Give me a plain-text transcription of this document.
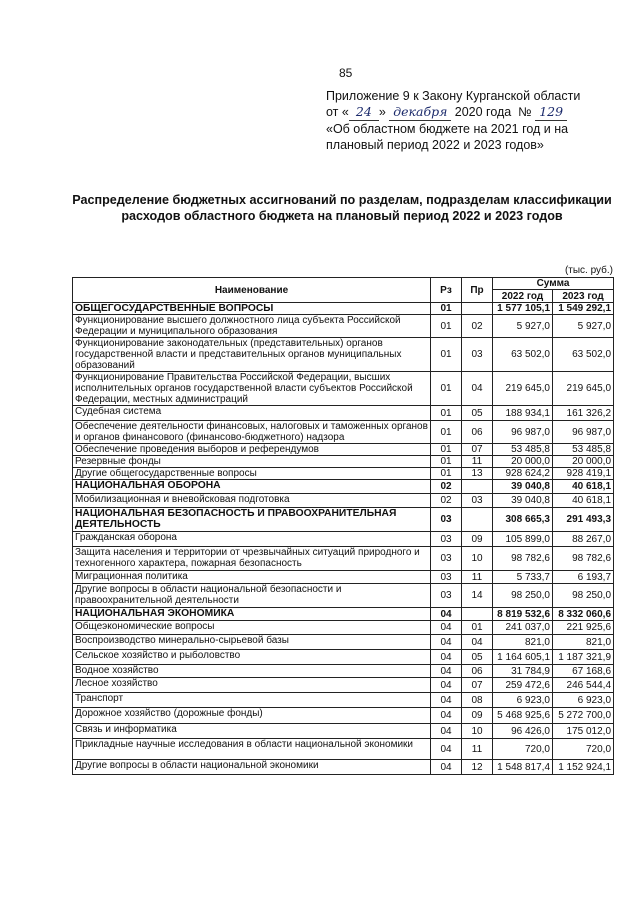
85
Приложение 9 к Закону Курганской области
от « 24 » декабря 2020 года № 129
«Об областном бюджете на 2021 год и на
плановый период 2022 и 2023 годов»
Распределение бюджетных ассигнований по разделам, подразделам классификации расходов областного бюджета на плановый период 2022 и 2023 годов
(тыс. руб.)
Наименование	Рз	Пр	Сумма	
			2022 год	2023 год
ОБЩЕГОСУДАРСТВЕННЫЕ ВОПРОСЫ	01		1 577 105,1	1 549 292,1
Функционирование высшего должностного лица субъекта Российской Федерации и муниципального образования	01	02	5 927,0	5 927,0
Функционирование законодательных (представительных) органов государственной власти и представительных органов муниципальных образований	01	03	63 502,0	63 502,0
Функционирование Правительства Российской Федерации, высших исполнительных органов государственной власти субъектов Российской Федерации, местных администраций	01	04	219 645,0	219 645,0
Судебная система	01	05	188 934,1	161 326,2
Обеспечение деятельности финансовых, налоговых и таможенных органов и органов финансового (финансово-бюджетного) надзора	01	06	96 987,0	96 987,0
Обеспечение проведения выборов и референдумов	01	07	53 485,8	53 485,8
Резервные фонды	01	11	20 000,0	20 000,0
Другие общегосударственные вопросы	01	13	928 624,2	928 419,1
НАЦИОНАЛЬНАЯ ОБОРОНА	02		39 040,8	40 618,1
Мобилизационная и вневойсковая подготовка	02	03	39 040,8	40 618,1
НАЦИОНАЛЬНАЯ БЕЗОПАСНОСТЬ И ПРАВООХРАНИТЕЛЬНАЯ ДЕЯТЕЛЬНОСТЬ	03		308 665,3	291 493,3
Гражданская оборона	03	09	105 899,0	88 267,0
Защита населения и территории от чрезвычайных ситуаций природного и техногенного характера, пожарная безопасность	03	10	98 782,6	98 782,6
Миграционная политика	03	11	5 733,7	6 193,7
Другие вопросы в области национальной безопасности и правоохранительной деятельности	03	14	98 250,0	98 250,0
НАЦИОНАЛЬНАЯ ЭКОНОМИКА	04		8 819 532,6	8 332 060,6
Общеэкономические вопросы	04	01	241 037,0	221 925,6
Воспроизводство минерально-сырьевой базы	04	04	821,0	821,0
Сельское хозяйство и рыболовство	04	05	1 164 605,1	1 187 321,9
Водное хозяйство	04	06	31 784,9	67 168,6
Лесное хозяйство	04	07	259 472,6	246 544,4
Транспорт	04	08	6 923,0	6 923,0
Дорожное хозяйство (дорожные фонды)	04	09	5 468 925,6	5 272 700,0
Связь и информатика	04	10	96 426,0	175 012,0
Прикладные научные исследования в области национальной экономики	04	11	720,0	720,0
Другие вопросы в области национальной экономики	04	12	1 548 817,4	1 152 924,1
